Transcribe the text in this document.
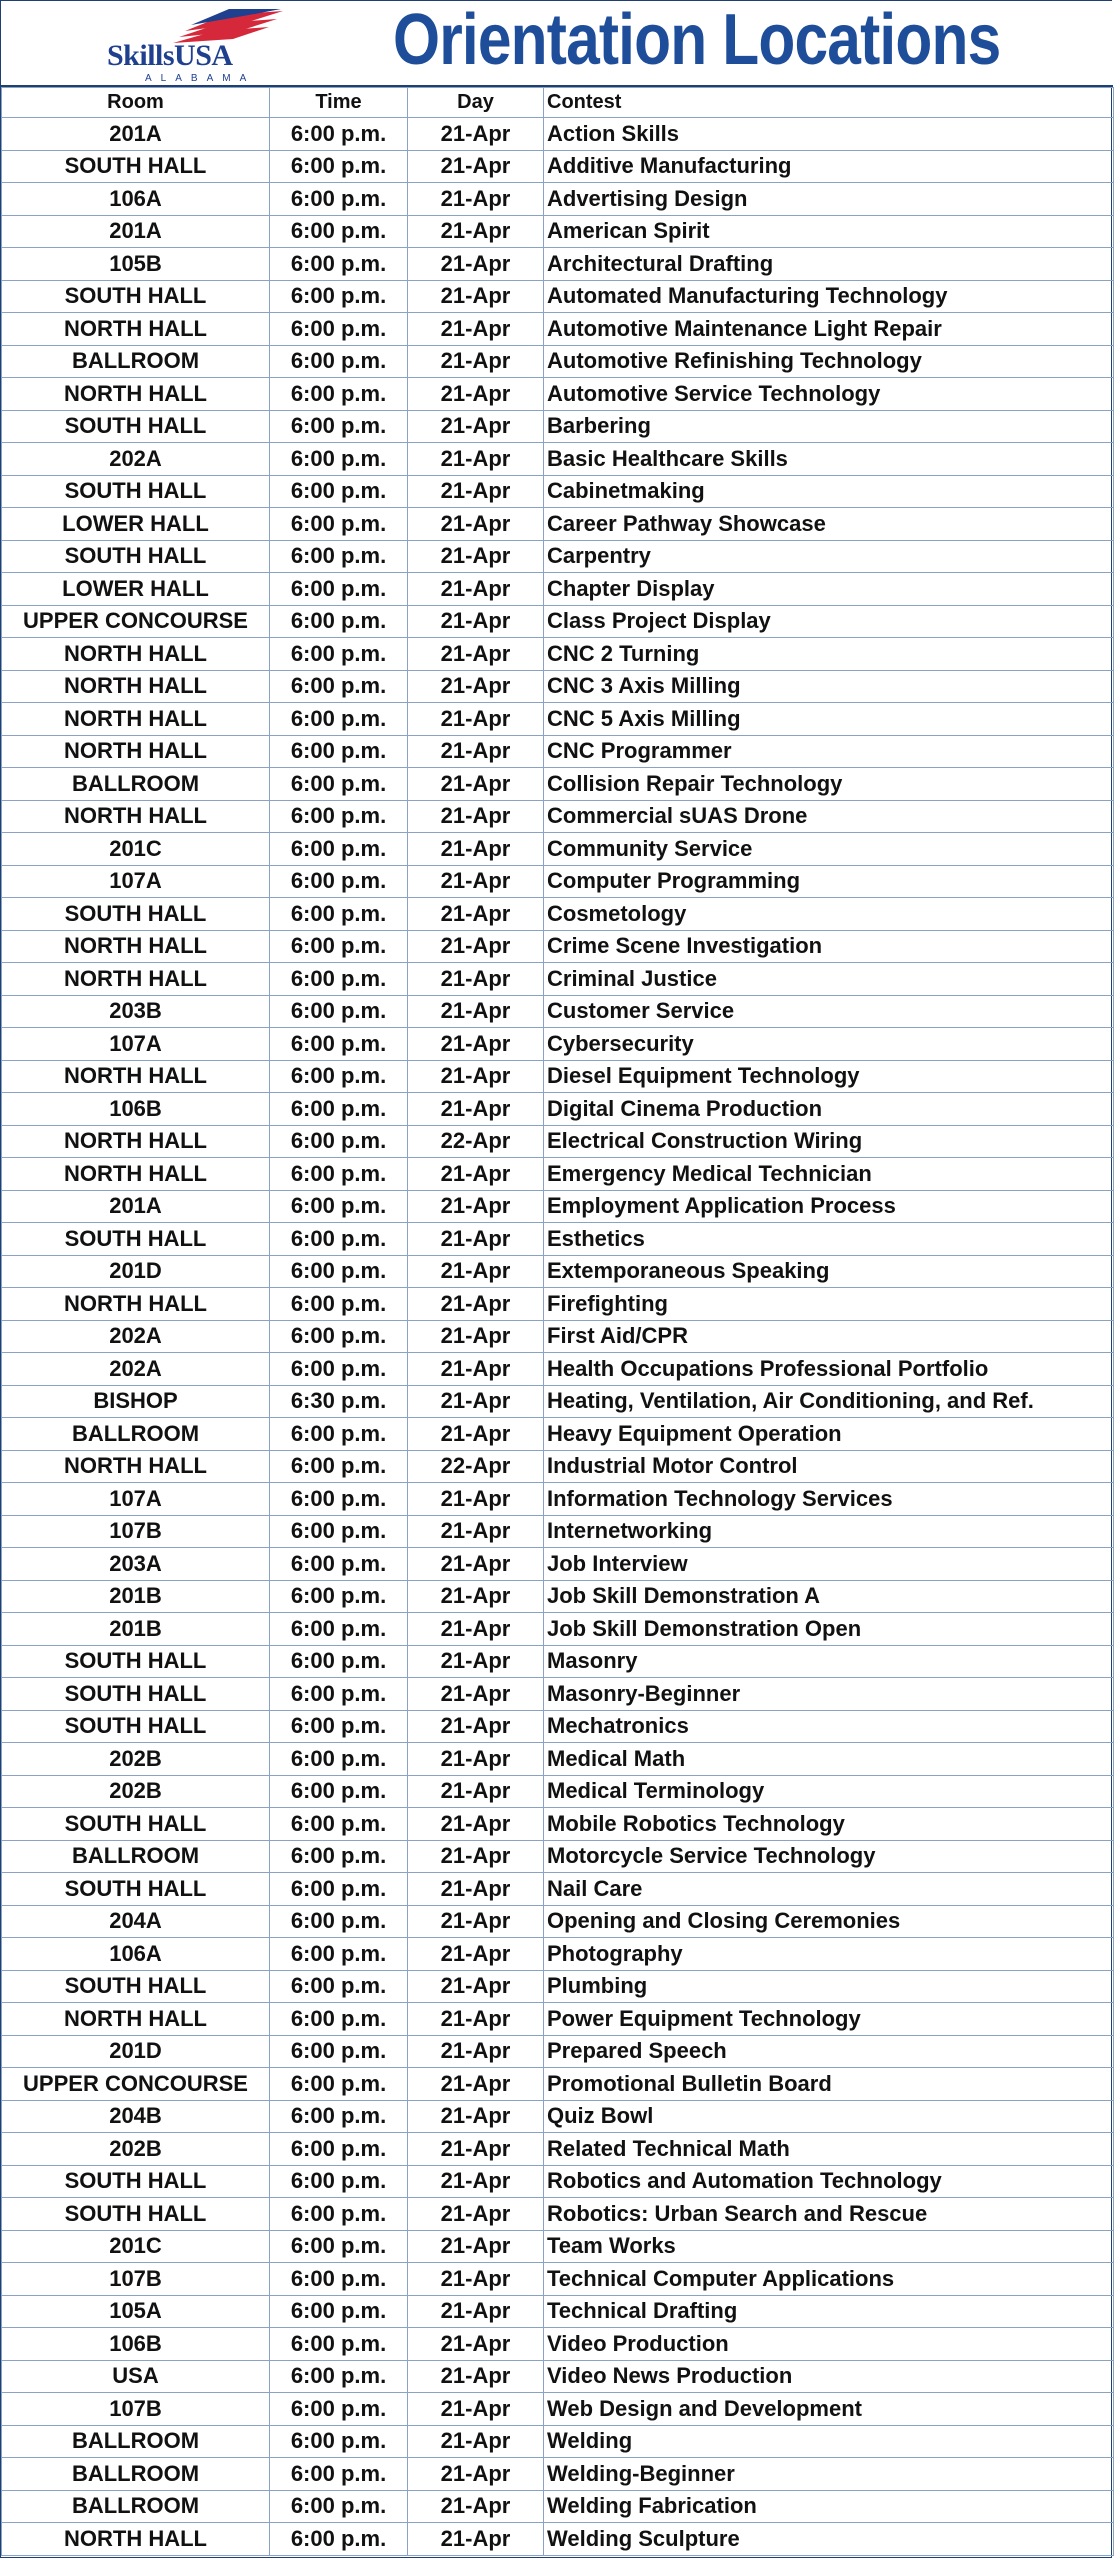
SkillsUSA
ALABAMA Orientation Locations
Room	Time	Day	Contest
201A	6:00 p.m.	21-Apr	Action Skills
SOUTH HALL	6:00 p.m.	21-Apr	Additive Manufacturing
106A	6:00 p.m.	21-Apr	Advertising Design
201A	6:00 p.m.	21-Apr	American Spirit
105B	6:00 p.m.	21-Apr	Architectural Drafting
SOUTH HALL	6:00 p.m.	21-Apr	Automated Manufacturing Technology
NORTH HALL	6:00 p.m.	21-Apr	Automotive Maintenance Light Repair
BALLROOM	6:00 p.m.	21-Apr	Automotive Refinishing Technology
NORTH HALL	6:00 p.m.	21-Apr	Automotive Service Technology
SOUTH HALL	6:00 p.m.	21-Apr	Barbering
202A	6:00 p.m.	21-Apr	Basic Healthcare Skills
SOUTH HALL	6:00 p.m.	21-Apr	Cabinetmaking
LOWER HALL	6:00 p.m.	21-Apr	Career Pathway Showcase
SOUTH HALL	6:00 p.m.	21-Apr	Carpentry
LOWER HALL	6:00 p.m.	21-Apr	Chapter Display
UPPER CONCOURSE	6:00 p.m.	21-Apr	Class Project Display
NORTH HALL	6:00 p.m.	21-Apr	CNC 2 Turning
NORTH HALL	6:00 p.m.	21-Apr	CNC 3 Axis Milling
NORTH HALL	6:00 p.m.	21-Apr	CNC 5 Axis Milling
NORTH HALL	6:00 p.m.	21-Apr	CNC Programmer
BALLROOM	6:00 p.m.	21-Apr	Collision Repair Technology
NORTH HALL	6:00 p.m.	21-Apr	Commercial sUAS Drone
201C	6:00 p.m.	21-Apr	Community Service
107A	6:00 p.m.	21-Apr	Computer Programming
SOUTH HALL	6:00 p.m.	21-Apr	Cosmetology
NORTH HALL	6:00 p.m.	21-Apr	Crime Scene Investigation
NORTH HALL	6:00 p.m.	21-Apr	Criminal Justice
203B	6:00 p.m.	21-Apr	Customer Service
107A	6:00 p.m.	21-Apr	Cybersecurity
NORTH HALL	6:00 p.m.	21-Apr	Diesel Equipment Technology
106B	6:00 p.m.	21-Apr	Digital Cinema Production
NORTH HALL	6:00 p.m.	22-Apr	Electrical Construction Wiring
NORTH HALL	6:00 p.m.	21-Apr	Emergency Medical Technician
201A	6:00 p.m.	21-Apr	Employment Application Process
SOUTH HALL	6:00 p.m.	21-Apr	Esthetics
201D	6:00 p.m.	21-Apr	Extemporaneous Speaking
NORTH HALL	6:00 p.m.	21-Apr	Firefighting
202A	6:00 p.m.	21-Apr	First Aid/CPR
202A	6:00 p.m.	21-Apr	Health Occupations Professional Portfolio
BISHOP	6:30 p.m.	21-Apr	Heating, Ventilation, Air Conditioning, and Ref.
BALLROOM	6:00 p.m.	21-Apr	Heavy Equipment Operation
NORTH HALL	6:00 p.m.	22-Apr	Industrial Motor Control
107A	6:00 p.m.	21-Apr	Information Technology Services
107B	6:00 p.m.	21-Apr	Internetworking
203A	6:00 p.m.	21-Apr	Job Interview
201B	6:00 p.m.	21-Apr	Job Skill Demonstration A
201B	6:00 p.m.	21-Apr	Job Skill Demonstration Open
SOUTH HALL	6:00 p.m.	21-Apr	Masonry
SOUTH HALL	6:00 p.m.	21-Apr	Masonry-Beginner
SOUTH HALL	6:00 p.m.	21-Apr	Mechatronics
202B	6:00 p.m.	21-Apr	Medical Math
202B	6:00 p.m.	21-Apr	Medical Terminology
SOUTH HALL	6:00 p.m.	21-Apr	Mobile Robotics Technology
BALLROOM	6:00 p.m.	21-Apr	Motorcycle Service Technology
SOUTH HALL	6:00 p.m.	21-Apr	Nail Care
204A	6:00 p.m.	21-Apr	Opening and Closing Ceremonies
106A	6:00 p.m.	21-Apr	Photography
SOUTH HALL	6:00 p.m.	21-Apr	Plumbing
NORTH HALL	6:00 p.m.	21-Apr	Power Equipment Technology
201D	6:00 p.m.	21-Apr	Prepared Speech
UPPER CONCOURSE	6:00 p.m.	21-Apr	Promotional Bulletin Board
204B	6:00 p.m.	21-Apr	Quiz Bowl
202B	6:00 p.m.	21-Apr	Related Technical Math
SOUTH HALL	6:00 p.m.	21-Apr	Robotics and Automation Technology
SOUTH HALL	6:00 p.m.	21-Apr	Robotics: Urban Search and Rescue
201C	6:00 p.m.	21-Apr	Team Works
107B	6:00 p.m.	21-Apr	Technical Computer Applications
105A	6:00 p.m.	21-Apr	Technical Drafting
106B	6:00 p.m.	21-Apr	Video Production
USA	6:00 p.m.	21-Apr	Video News Production
107B	6:00 p.m.	21-Apr	Web Design and Development
BALLROOM	6:00 p.m.	21-Apr	Welding
BALLROOM	6:00 p.m.	21-Apr	Welding-Beginner
BALLROOM	6:00 p.m.	21-Apr	Welding Fabrication
NORTH HALL	6:00 p.m.	21-Apr	Welding Sculpture
